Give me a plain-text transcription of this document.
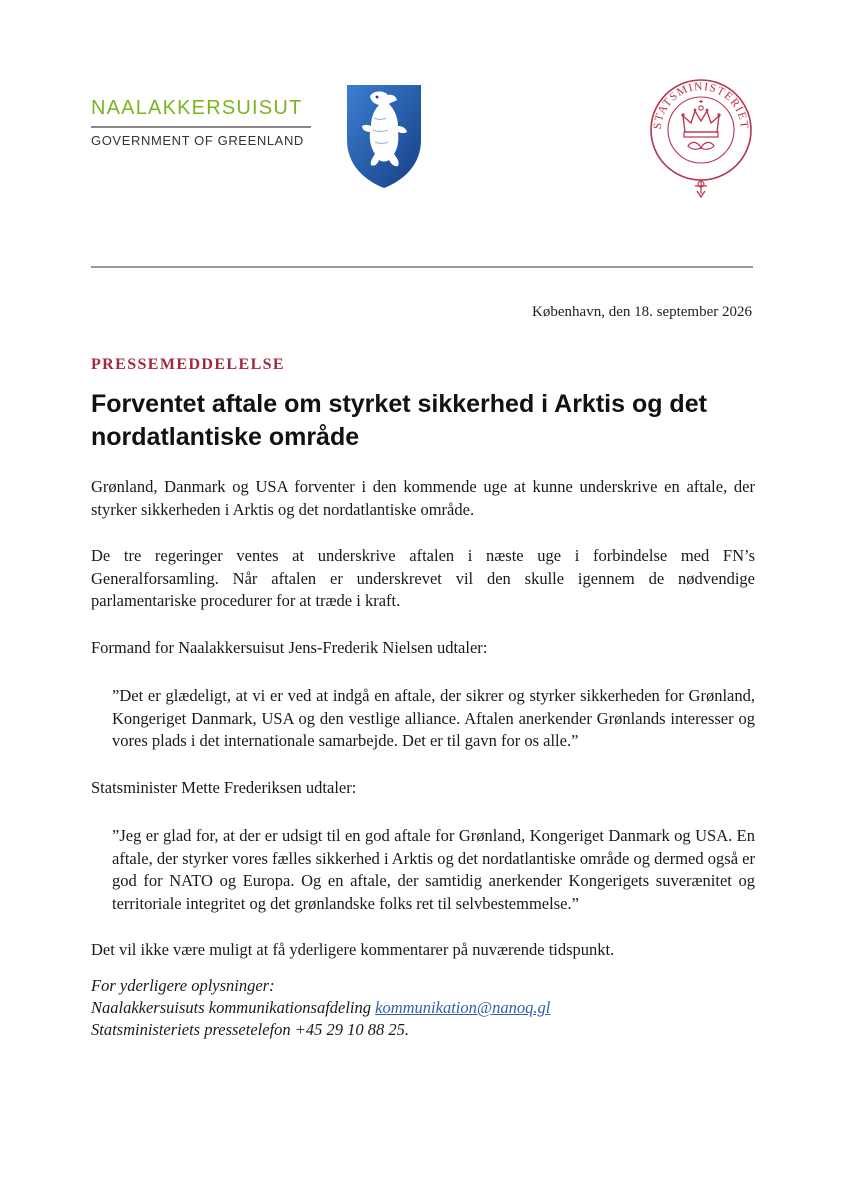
NAALAKKERSUISUT
GOVERNMENT OF GREENLAND
STATSMINISTERIET
København, den 18. september 2026
PRESSEMEDDELELSE
Forventet aftale om styrket sikkerhed i Arktis og det nordatlantiske område

Grønland, Danmark og USA forventer i den kommende uge at kunne underskrive en aftale, der styrker sikkerheden i Arktis og det nordatlantiske område.

De tre regeringer ventes at underskrive aftalen i næste uge i forbindelse med FN’s Generalforsamling. Når aftalen er underskrevet vil den skulle igennem de nødvendige parlamentariske procedurer for at træde i kraft.

Formand for Naalakkersuisut Jens-Frederik Nielsen udtaler:

”Det er glædeligt, at vi er ved at indgå en aftale, der sikrer og styrker sikkerheden for Grønland, Kongeriget Danmark, USA og den vestlige alliance. Aftalen anerkender Grønlands interesser og vores plads i det internationale samarbejde. Det er til gavn for os alle.”

Statsminister Mette Frederiksen udtaler:

”Jeg er glad for, at der er udsigt til en god aftale for Grønland, Kongeriget Danmark og USA. En aftale, der styrker vores fælles sikkerhed i Arktis og det nordatlantiske område og dermed også er god for NATO og Europa. Og en aftale, der samtidig anerkender Kongerigets suverænitet og territoriale integritet og det grønlandske folks ret til selvbestemmelse.”

Det vil ikke være muligt at få yderligere kommentarer på nuværende tidspunkt.

For yderligere oplysninger:
Naalakkersuisuts kommunikationsafdeling kommunikation@nanoq.gl
Statsministeriets pressetelefon +45 29 10 88 25.
